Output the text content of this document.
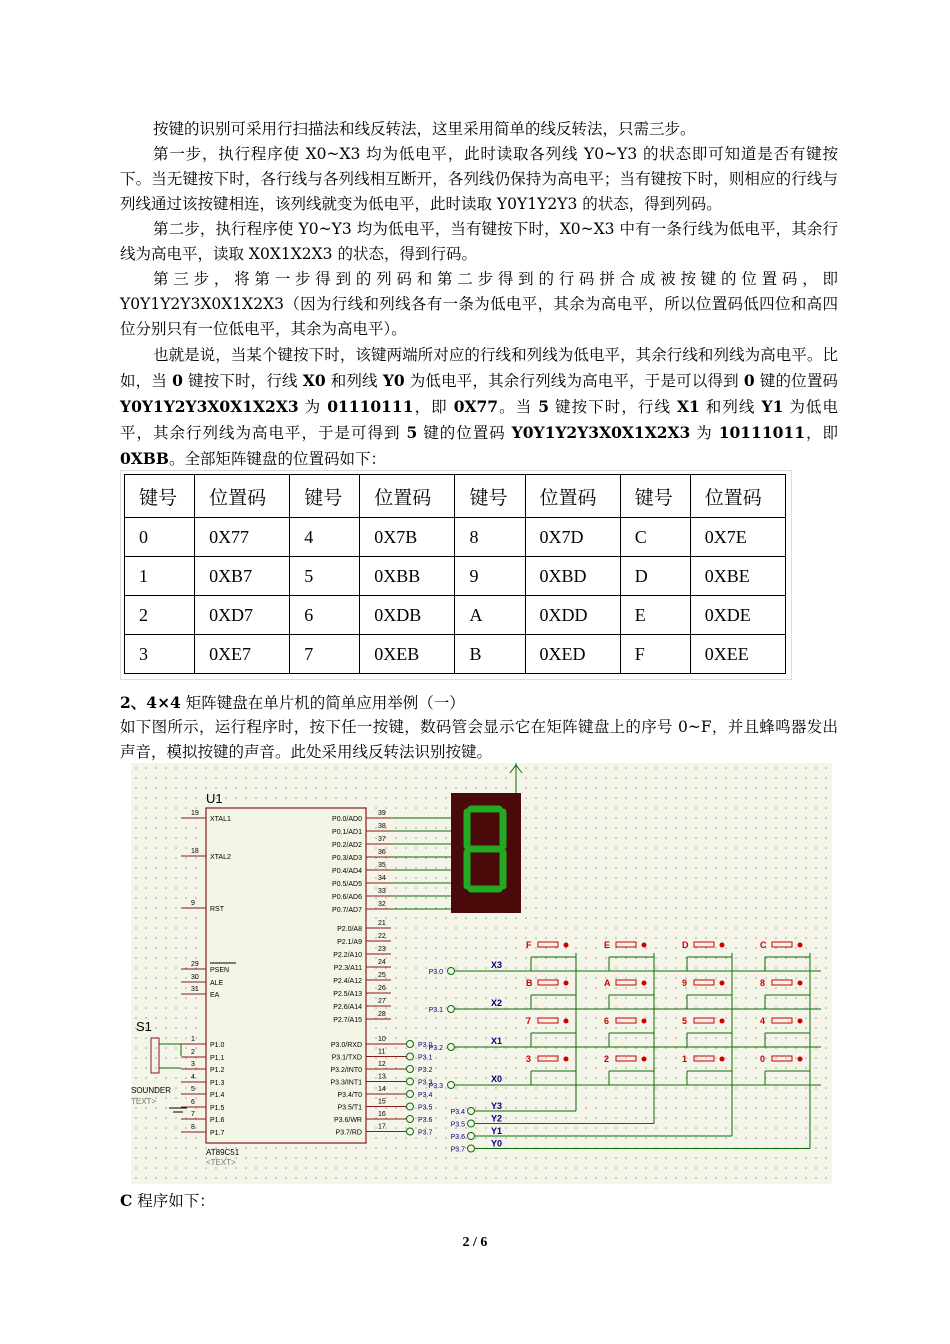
按键的识别可采用行扫描法和线反转法，这里采用简单的线反转法，只需三步。

第一步，执行程序使 X0~X3 均为低电平，此时读取各列线 Y0~Y3 的状态即可知道是否有键按下。当无键按下时，各行线与各列线相互断开，各列线仍保持为高电平；当有键按下时，则相应的行线与列线通过该按键相连，该列线就变为低电平，此时读取 Y0Y1Y2Y3 的状态，得到列码。

第二步，执行程序使 Y0~Y3 均为低电平，当有键按下时，X0~X3 中有一条行线为低电平，其余行线为高电平，读取 X0X1X2X3 的状态，得到行码。

第三步，将第一步得到的列码和第二步得到的行码拼合成被按键的位置码，即

Y0Y1Y2Y3X0X1X2X3（因为行线和列线各有一条为低电平，其余为高电平，所以位置码低四位和高四位分别只有一位低电平，其余为高电平）。

也就是说，当某个键按下时，该键两端所对应的行线和列线为低电平，其余行线和列线为高电平。比如，当 0 键按下时，行线 X0 和列线 Y0 为低电平，其余行列线为高电平，于是可以得到 0 键的位置码 Y0Y1Y2Y3X0X1X2X3 为 01110111，即 0X77。当 5 键按下时，行线 X1 和列线 Y1 为低电平，其余行列线为高电平，于是可得到 5 键的位置码 Y0Y1Y2Y3X0X1X2X3 为 10111011，即 0XBB。全部矩阵键盘的位置码如下：

键号	位置码	键号	位置码	键号	位置码	键号	位置码
0	0X77	4	0X7B	8	0X7D	C	0X7E
1	0XB7	5	0XBB	9	0XBD	D	0XBE
2	0XD7	6	0XDB	A	0XDD	E	0XDE
3	0XE7	7	0XEB	B	0XED	F	0XEE

2、4×4 矩阵键盘在单片机的简单应用举例（一）

如下图所示，运行程序时，按下任一按键，数码管会显示它在矩阵键盘上的序号 0~F，并且蜂鸣器发出声音，模拟按键的声音。此处采用线反转法识别按键。

U1
AT89C51
<TEXT>
19
XTAL1
18
XTAL2
9
RST
29
PSEN
30
ALE
31
EA
1
P1.0
2
P1.1
3
P1.2
4
P1.3
5
P1.4
6
P1.5
7
P1.6
8
P1.7
39
P0.0/AD0
38
P0.1/AD1
37
P0.2/AD2
36
P0.3/AD3
35
P0.4/AD4
34
P0.5/AD5
33
P0.6/AD6
32
P0.7/AD7
8
21
P2.0/A8
22
P2.1/A9
23
P2.2/A10
24
P2.3/A11
25
P2.4/A12
26
P2.5/A13
27
P2.6/A14
28
P2.7/A15
10
P3.0/RXD	P3.0
11
P3.1/TXD	P3.1
12
P3.2/INT0	P3.2
13
P3.3/INT1	P3.3
14
P3.4/T0	P3.4
15
P3.5/T1	P3.5
16
P3.6/WR	P3.6
17
P3.7/RD	P3.7
P3.0
X3
P3.1
X2
P3.2
X1
P3.3
X0
P3.4
Y3
P3.5
Y2
P3.6
Y1
P3.7
Y0
F	E	D	C
B	A	9	8
7	6	5	4
3	2	1	0
S1
SOUNDER
TEXT>

C 程序如下：

2 / 6
